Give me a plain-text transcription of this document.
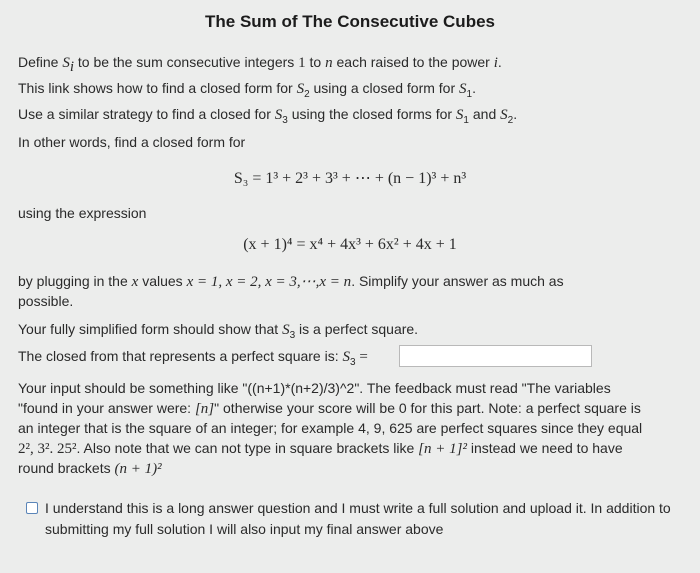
The Sum of The Consecutive Cubes
Define $S_i$ to be the sum consecutive integers 1 to n each raised to the power i.
This link shows how to find a closed form for $S_2$ using a closed form for $S_1$.
Use a similar strategy to find a closed for $S_3$ using the closed forms for $S_1$ and $S_2$.
In other words, find a closed form for
S₃ = 1³ + 2³ + 3³ + ⋯ + (n − 1)³ + n³
using the expression
(x + 1)⁴ = x⁴ + 4x³ + 6x² + 4x + 1
by plugging in the x values x = 1, x = 2, x = 3,⋯,x = n. Simplify your answer as much as
possible.
Your fully simplified form should show that $S_3$ is a perfect square.
The closed from that represents a perfect square is: $S_3$ =
Your input should be something like "((n+1)*(n+2)/3)^2". The feedback must read "The variables
"found in your answer were: [n]" otherwise your score will be 0 for this part. Note: a perfect square is
an integer that is the square of an integer; for example 4, 9, 625 are perfect squares since they equal
2², 3². 25². Also note that we can not type in square brackets like [n + 1]² instead we need to have
round brackets (n + 1)²
I understand this is a long answer question and I must write a full solution and upload it. In addition to submitting my full solution I will also input my final answer above
